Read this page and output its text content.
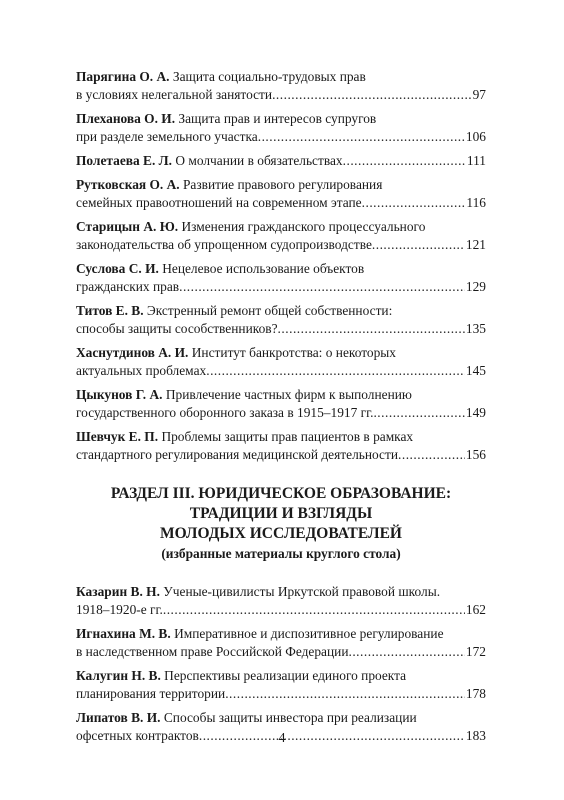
Парягина О. А. Защита социально-трудовых прав
в условиях нелегальной занятости .....	97
Плеханова О. И. Защита прав и интересов супругов
при разделе земельного участка .....	106
Полетаева Е. Л. О молчании в обязательствах .....	111
Рутковская О. А. Развитие правового регулирования
семейных правоотношений на современном этапе .....	116
Старицын А. Ю. Изменения гражданского процессуального
законодательства об упрощенном судопроизводстве .....	121
Суслова С. И. Нецелевое использование объектов
гражданских прав .....	129
Титов Е. В. Экстренный ремонт общей собственности:
способы защиты сособственников? .....	135
Хаснутдинов А. И. Институт банкротства: о некоторых
актуальных проблемах .....	145
Цыкунов Г. А. Привлечение частных фирм к выполнению
государственного оборонного заказа в 1915–1917 гг. .....	149
Шевчук Е. П. Проблемы защиты прав пациентов в рамках
стандартного регулирования медицинской деятельности .....	156
РАЗДЕЛ III. ЮРИДИЧЕСКОЕ ОБРАЗОВАНИЕ:
ТРАДИЦИИ И ВЗГЛЯДЫ
МОЛОДЫХ ИССЛЕДОВАТЕЛЕЙ
(избранные материалы круглого стола)
Казарин В. Н. Ученые-цивилисты Иркутской правовой школы.
1918–1920-е гг. .....	162
Игнахина М. В. Императивное и диспозитивное регулирование
в наследственном праве Российской Федерации .....	172
Калугин Н. В. Перспективы реализации единого проекта
планирования территории .....	178
Липатов В. И. Способы защиты инвестора при реализации
офсетных контрактов .....	183
4
